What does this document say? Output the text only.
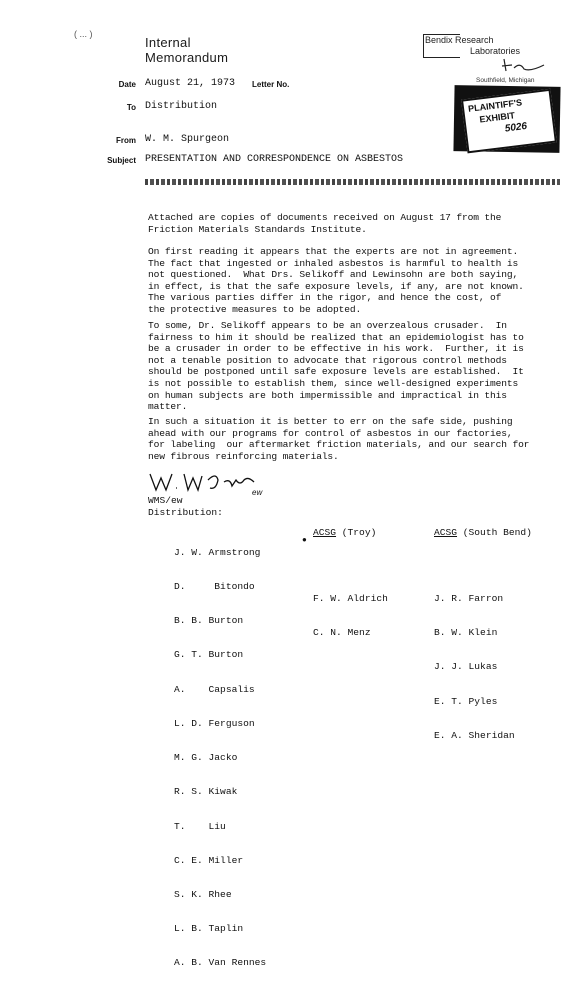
( ... )
Internal
Memorandum
Bendix Research
Laboratories
Southfield, Michigan
PLAINTIFF'S
EXHIBIT
5026
Date August 21, 1973 Letter No.
To Distribution
From W. M. Spurgeon
Subject PRESENTATION AND CORRESPONDENCE ON ASBESTOS
Attached are copies of documents received on August 17 from the
Friction Materials Standards Institute.
On first reading it appears that the experts are not in agreement.
The fact that ingested or inhaled asbestos is harmful to health is
not questioned.  What Drs. Selikoff and Lewinsohn are both saying,
in effect, is that the safe exposure levels, if any, are not known.
The various parties differ in the rigor, and hence the cost, of
the protective measures to be adopted.
To some, Dr. Selikoff appears to be an overzealous crusader.  In
fairness to him it should be realized that an epidemiologist has to
be a crusader in order to be effective in his work.  Further, it is
not a tenable position to advocate that rigorous control methods
should be postponed until safe exposure levels are established.  It
is not possible to establish them, since well-designed experiments
on human subjects are both impermissible and impractical in this
matter.
In such a situation it is better to err on the safe side, pushing
ahead with our programs for control of asbestos in our factories,
for labeling  our aftermarket friction materials, and our search for
new fibrous reinforcing materials.
ew
WMS/ew
Distribution:

J. W. Armstrong

D.     Bitondo

B. B. Burton

G. T. Burton

A.    Capsalis

L. D. Ferguson

M. G. Jacko

R. S. Kiwak

T.    Liu

C. E. Miller

S. K. Rhee

L. B. Taplin

A. B. Van Rennes

ACSG (Troy)

F. W. Aldrich

C. N. Menz

●

ACSG (South Bend)

J. R. Farron

B. W. Klein

J. J. Lukas

E. T. Pyles

E. A. Sheridan
